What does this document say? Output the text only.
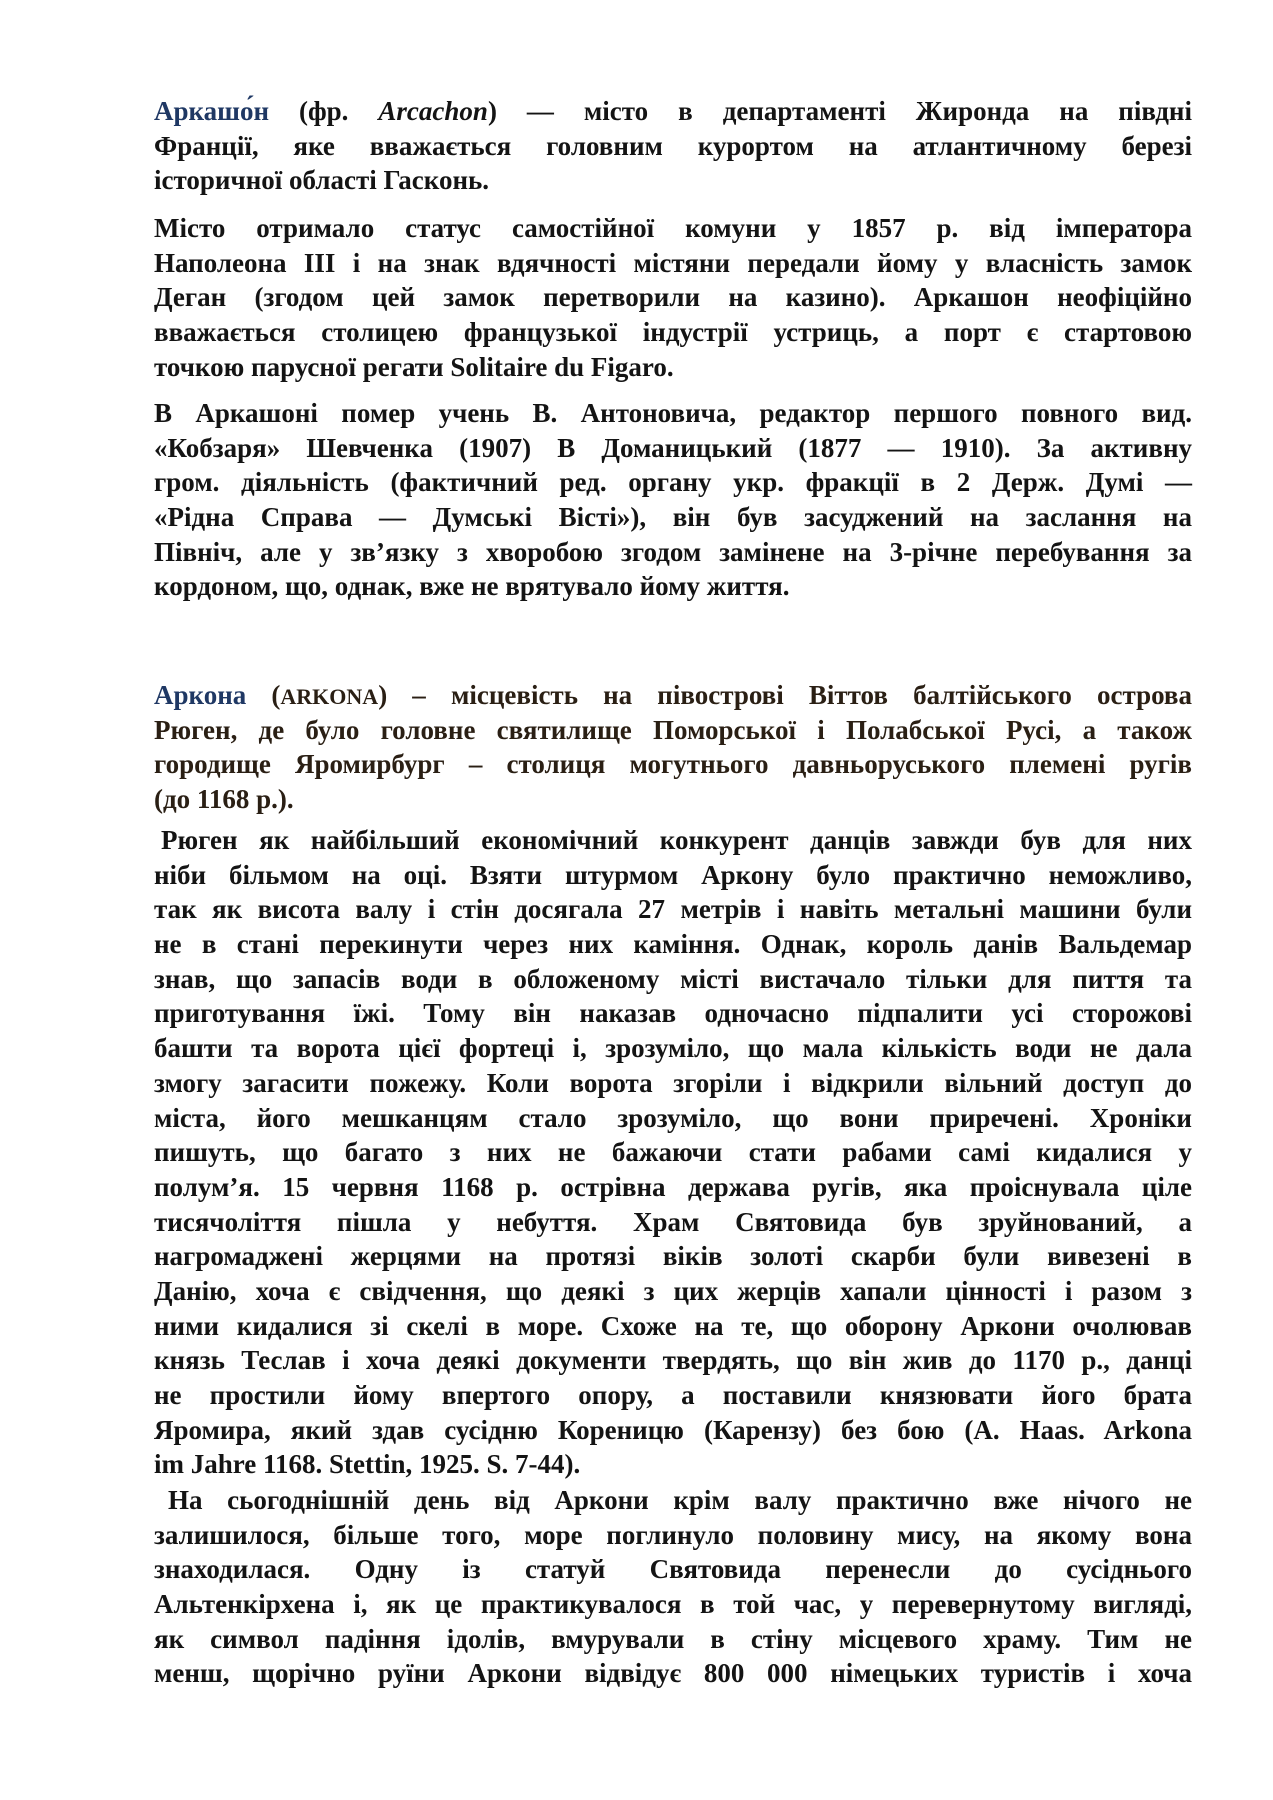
Аркашо́н (фр. Arcachon) — місто в департаменті Жиронда на півдні
Франції, яке вважається головним курортом на атлантичному березі
історичної області Гасконь.
Місто отримало статус самостійної комуни у 1857 р. від імператора
Наполеона III і на знак вдячності містяни передали йому у власність замок
Деган (згодом цей замок перетворили на казино). Аркашон неофіційно
вважається столицею французької індустрії устриць, а порт є стартовою
точкою парусної регати Solitaire du Figaro.
В Аркашоні помер учень В. Антоновича, редактор першого повного вид.
«Кобзаря» Шевченка (1907) В Доманицький (1877 — 1910). За активну
гром. діяльність (фактичний ред. органу укр. фракції в 2 Держ. Думі —
«Рідна Справа — Думські Вісті»), він був засуджений на заслання на
Північ, але у зв’язку з хворобою згодом замінене на 3-річне перебування за
кордоном, що, однак, вже не врятувало йому життя.
Аркона (ARKONA) – місцевість на півострові Віттов балтійського острова
Рюген, де було головне святилище Поморської і Полабської Русі, а також
городище Яромирбург – столиця могутнього давньоруського племені ругів
(до 1168 р.).
Рюген як найбільший економічний конкурент данців завжди був для них
ніби більмом на оці. Взяти штурмом Аркону було практично неможливо,
так як висота валу і стін досягала 27 метрів і навіть метальні машини були
не в стані перекинути через них каміння. Однак, король данів Вальдемар
знав, що запасів води в обложеному місті вистачало тільки для пиття та
приготування їжі. Тому він наказав одночасно підпалити усі сторожові
башти та ворота цієї фортеці і, зрозуміло, що мала кількість води не дала
змогу загасити пожежу. Коли ворота згоріли і відкрили вільний доступ до
міста, його мешканцям стало зрозуміло, що вони приречені. Хроніки
пишуть, що багато з них не бажаючи стати рабами самі кидалися у
полум’я. 15 червня 1168 р. острівна держава ругів, яка проіснувала ціле
тисячоліття пішла у небуття. Храм Святовида був зруйнований, а
нагромаджені жерцями на протязі віків золоті скарби були вивезені в
Данію, хоча є свідчення, що деякі з цих жерців хапали цінності і разом з
ними кидалися зі скелі в море. Схоже на те, що оборону Аркони очолював
князь Теслав і хоча деякі документи твердять, що він жив до 1170 р., данці
не простили йому впертого опору, а поставили князювати його брата
Яромира, який здав сусідню Кореницю (Карензу) без бою (A. Haas. Arkona
im Jahre 1168. Stettin, 1925. S. 7-44).
На сьогоднішній день від Аркони крім валу практично вже нічого не
залишилося, більше того, море поглинуло половину мису, на якому вона
знаходилася. Одну із статуй Святовида перенесли до сусіднього
Альтенкірхена і, як це практикувалося в той час, у перевернутому вигляді,
як символ падіння ідолів, вмурували в стіну місцевого храму. Тим не
менш, щорічно руїни Аркони відвідує 800 000 німецьких туристів і хоча
